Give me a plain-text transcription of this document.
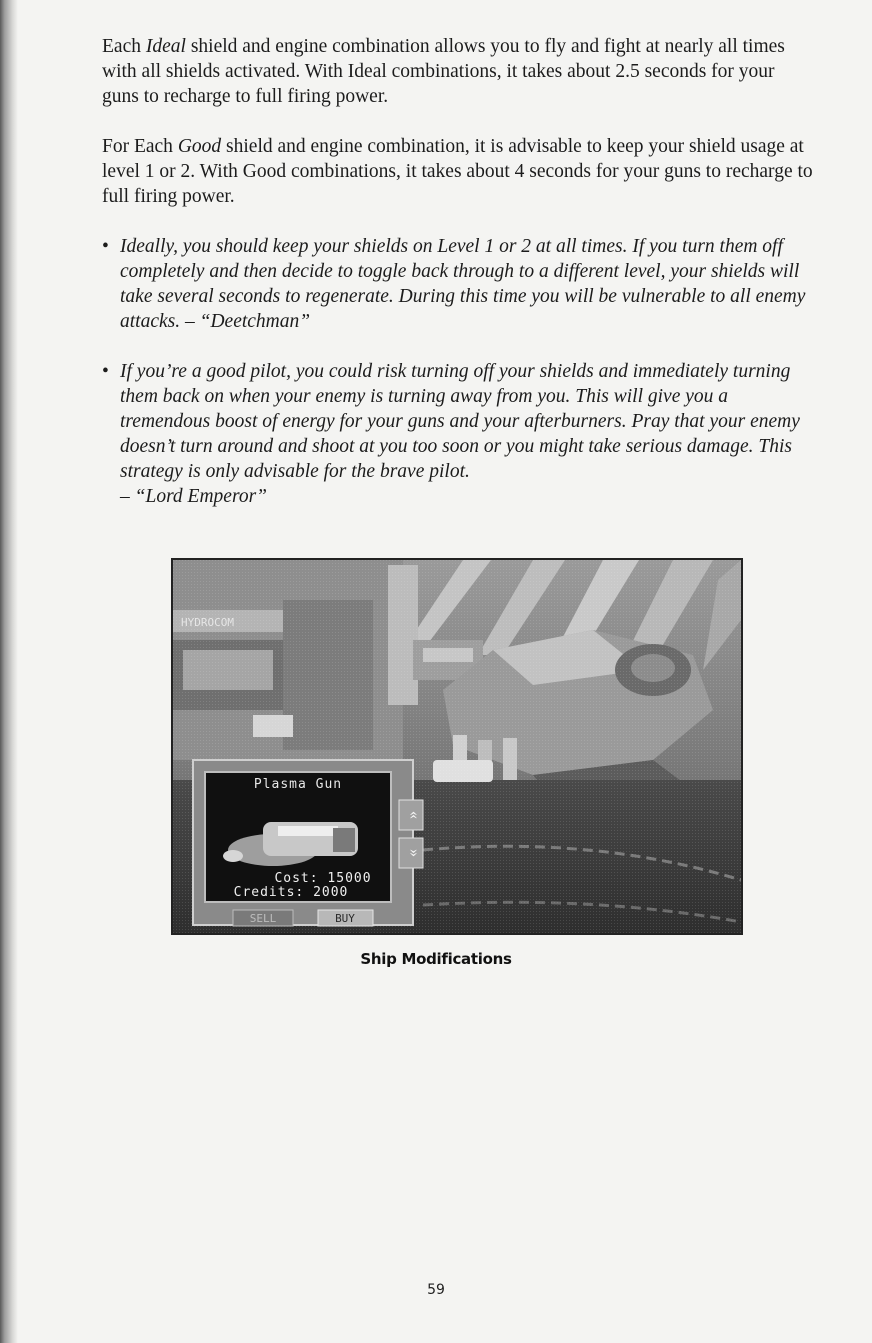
Each Ideal shield and engine combination allows you to fly and fight at nearly all times with all shields activated. With Ideal combinations, it takes about 2.5 seconds for your guns to recharge to full firing power.

For Each Good shield and engine combination, it is advisable to keep your shield usage at level 1 or 2. With Good combinations, it takes about 4 seconds for your guns to recharge to full firing power.

• Ideally, you should keep your shields on Level 1 or 2 at all times. If you turn them off completely and then decide to toggle back through to a different level, your shields will take several seconds to regenerate. During this time you will be vulnerable to all enemy attacks. – “Deetchman”
• If you’re a good pilot, you could risk turning off your shields and immediately turning them back on when your enemy is turning away from you. This will give you a tremendous boost of energy for your guns and your afterburners. Pray that your enemy doesn’t turn around and shoot at you too soon or you might take serious damage. This strategy is only advisable for the brave pilot.
– “Lord Emperor”
Plasma Gun
Cost: 15000
Credits: 2000
»
«
SELL	BUY
Ship Modifications
59
